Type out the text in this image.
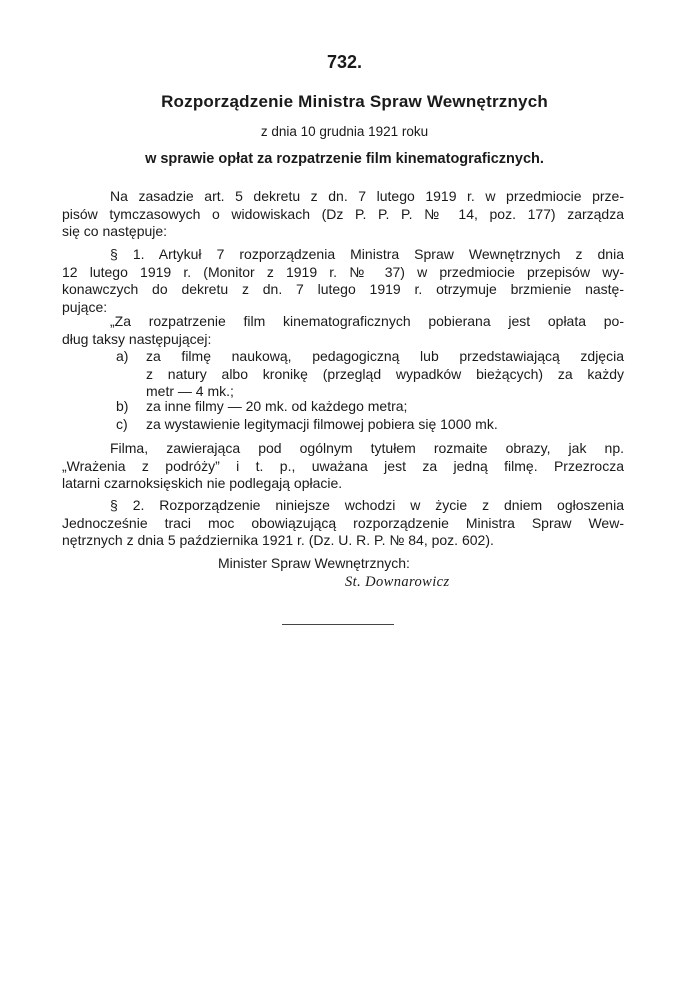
732.

Rozporządzenie Ministra Spraw Wewnętrznych

z dnia 10 grudnia 1921 roku

w sprawie opłat za rozpatrzenie film kinematograficznych.

Na zasadzie art. 5 dekretu z dn. 7 lutego 1919 r. w przedmiocie prze-
pisów tymczasowych o widowiskach (Dz P. P. P. № 14, poz. 177) zarządza
się co następuje:
§ 1. Artykuł 7 rozporządzenia Ministra Spraw Wewnętrznych z dnia
12 lutego 1919 r. (Monitor z 1919 r. № 37) w przedmiocie przepisów wy-
konawczych do dekretu z dn. 7 lutego 1919 r. otrzymuje brzmienie nastę-
pujące:
„Za rozpatrzenie film kinematograficznych pobierana jest opłata po-
dług taksy następującej:
a)	za filmę naukową, pedagogiczną lub przedstawiającą zdjęcia
z natury albo kronikę (przegląd wypadków bieżących) za każdy
metr — 4 mk.;
b) za inne filmy — 20 mk. od każdego metra;
c) za wystawienie legitymacji filmowej pobiera się 1000 mk.
Filma, zawierająca pod ogólnym tytułem rozmaite obrazy, jak np.
„Wrażenia z podróży” i t. p., uważana jest za jedną filmę. Przezrocza
latarni czarnoksięskich nie podlegają opłacie.
§ 2. Rozporządzenie niniejsze wchodzi w życie z dniem ogłoszenia
Jednocześnie traci moc obowiązującą rozporządzenie Ministra Spraw Wew-
nętrznych z dnia 5 października 1921 r. (Dz. U. R. P. № 84, poz. 602).

Minister Spraw Wewnętrznych:

St. Downarowicz
